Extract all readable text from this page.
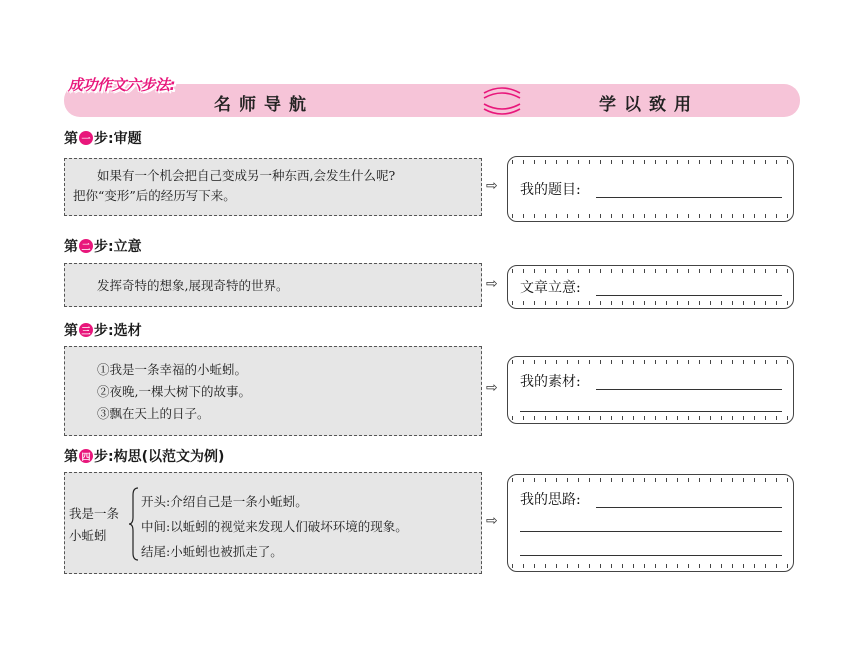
名师导航	学以致用
成功作文六步法:
第 一 步:审题
如果有一个机会把自己变成另一种东西,会发生什么呢?
把你“变形”后的经历写下来。
⇨ 我的题目:
第 二 步:立意
发挥奇特的想象,展现奇特的世界。	⇨ 文章立意:
第 三 步:选材
①我是一条幸福的小蚯蚓。
②夜晚,一棵大树下的故事。
③飘在天上的日子。
⇨ 我的素材:
第 四 步:构思(以范文为例)
我是一条
小蚯蚓
开头:介绍自己是一条小蚯蚓。
中间:以蚯蚓的视觉来发现人们破坏环境的现象。
结尾:小蚯蚓也被抓走了。
⇨
我的思路:
